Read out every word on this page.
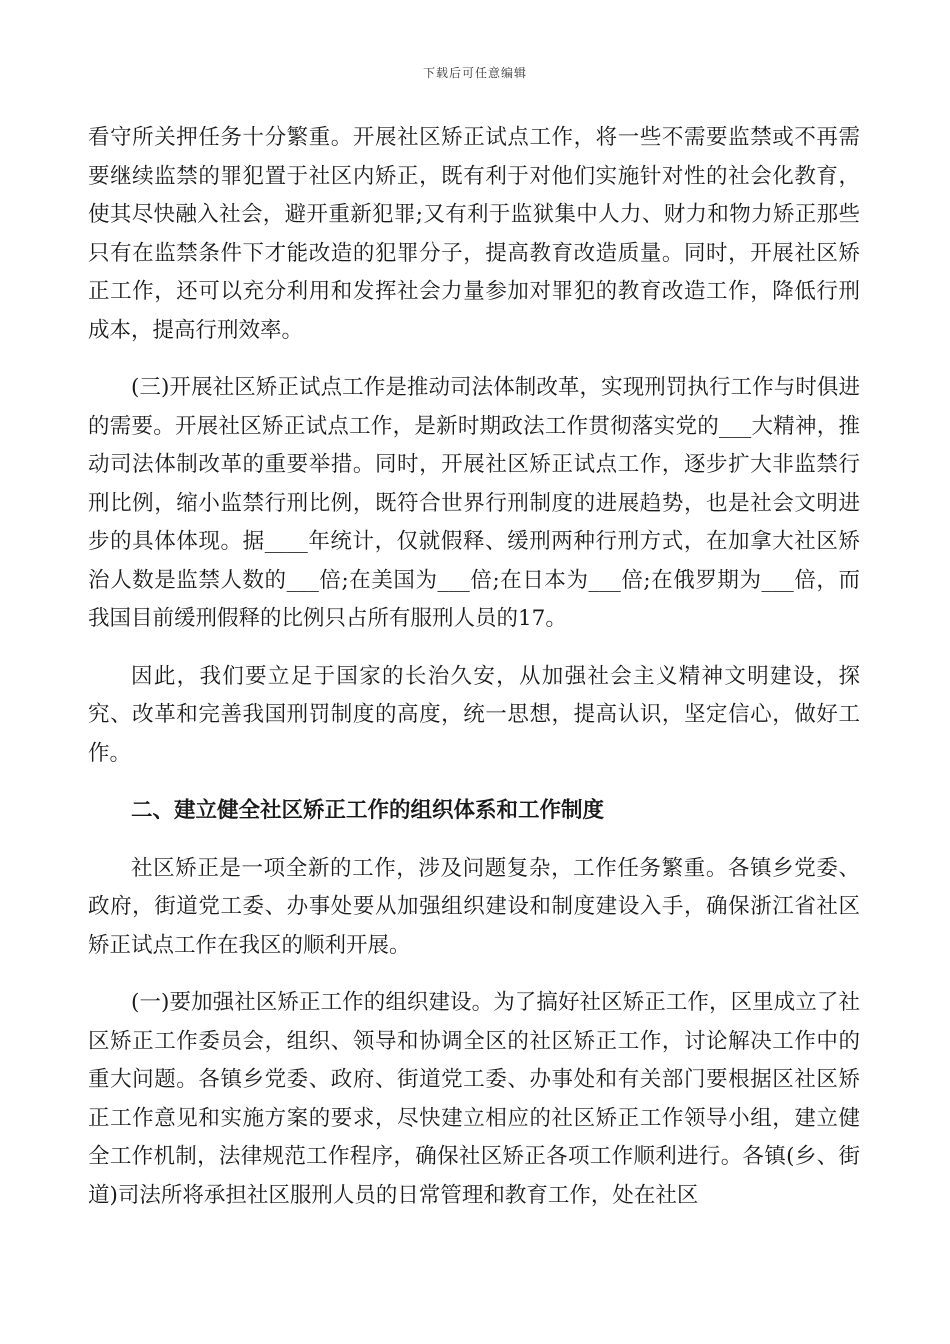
下载后可任意编辑

看守所关押任务十分繁重。开展社区矫正试点工作，将一些不需要监禁或不再需要继续监禁的罪犯置于社区内矫正，既有利于对他们实施针对性的社会化教育，使其尽快融入社会，避开重新犯罪;又有利于监狱集中人力、财力和物力矫正那些只有在监禁条件下才能改造的犯罪分子，提高教育改造质量。同时，开展社区矫正工作，还可以充分利用和发挥社会力量参加对罪犯的教育改造工作，降低行刑成本，提高行刑效率。

(三)开展社区矫正试点工作是推动司法体制改革，实现刑罚执行工作与时俱进的需要。开展社区矫正试点工作，是新时期政法工作贯彻落实党的___大精神，推动司法体制改革的重要举措。同时，开展社区矫正试点工作，逐步扩大非监禁行刑比例，缩小监禁行刑比例，既符合世界行刑制度的进展趋势，也是社会文明进步的具体体现。据____年统计，仅就假释、缓刑两种行刑方式，在加拿大社区矫治人数是监禁人数的___倍;在美国为___倍;在日本为___倍;在俄罗期为___倍，而我国目前缓刑假释的比例只占所有服刑人员的17。

因此，我们要立足于国家的长治久安，从加强社会主义精神文明建设，探究、改革和完善我国刑罚制度的高度，统一思想，提高认识，坚定信心，做好工作。

二、建立健全社区矫正工作的组织体系和工作制度

社区矫正是一项全新的工作，涉及问题复杂，工作任务繁重。各镇乡党委、政府，街道党工委、办事处要从加强组织建设和制度建设入手，确保浙江省社区矫正试点工作在我区的顺利开展。

(一)要加强社区矫正工作的组织建设。为了搞好社区矫正工作，区里成立了社区矫正工作委员会，组织、领导和协调全区的社区矫正工作，讨论解决工作中的重大问题。各镇乡党委、政府、街道党工委、办事处和有关部门要根据区社区矫正工作意见和实施方案的要求，尽快建立相应的社区矫正工作领导小组，建立健全工作机制，法律规范工作程序，确保社区矫正各项工作顺利进行。各镇(乡、街道)司法所将承担社区服刑人员的日常管理和教育工作，处在社区
